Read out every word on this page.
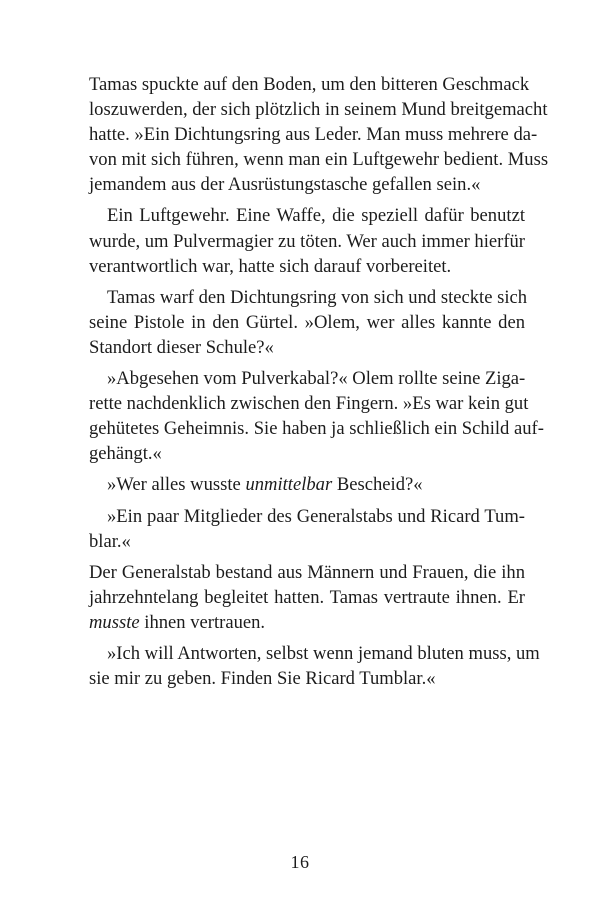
Tamas spuckte auf den Boden, um den bitteren Geschmack
loszuwerden, der sich plötzlich in seinem Mund breitgemacht
hatte. »Ein Dichtungsring aus Leder. Man muss mehrere da-
von mit sich führen, wenn man ein Luftgewehr bedient. Muss
jemandem aus der Ausrüstungstasche gefallen sein.«

Ein Luftgewehr. Eine Waffe, die speziell dafür benutzt
wurde, um Pulvermagier zu töten. Wer auch immer hierfür
verantwortlich war, hatte sich darauf vorbereitet.

Tamas warf den Dichtungsring von sich und steckte sich
seine Pistole in den Gürtel. »Olem, wer alles kannte den
Standort dieser Schule?«

»Abgesehen vom Pulverkabal?« Olem rollte seine Ziga-
rette nachdenklich zwischen den Fingern. »Es war kein gut
gehütetes Geheimnis. Sie haben ja schließlich ein Schild auf-
gehängt.«

»Wer alles wusste unmittelbar Bescheid?«

»Ein paar Mitglieder des Generalstabs und Ricard Tum-
blar.«

Der Generalstab bestand aus Männern und Frauen, die ihn
jahrzehntelang begleitet hatten. Tamas vertraute ihnen. Er
musste ihnen vertrauen.

»Ich will Antworten, selbst wenn jemand bluten muss, um
sie mir zu geben. Finden Sie Ricard Tumblar.«

16
